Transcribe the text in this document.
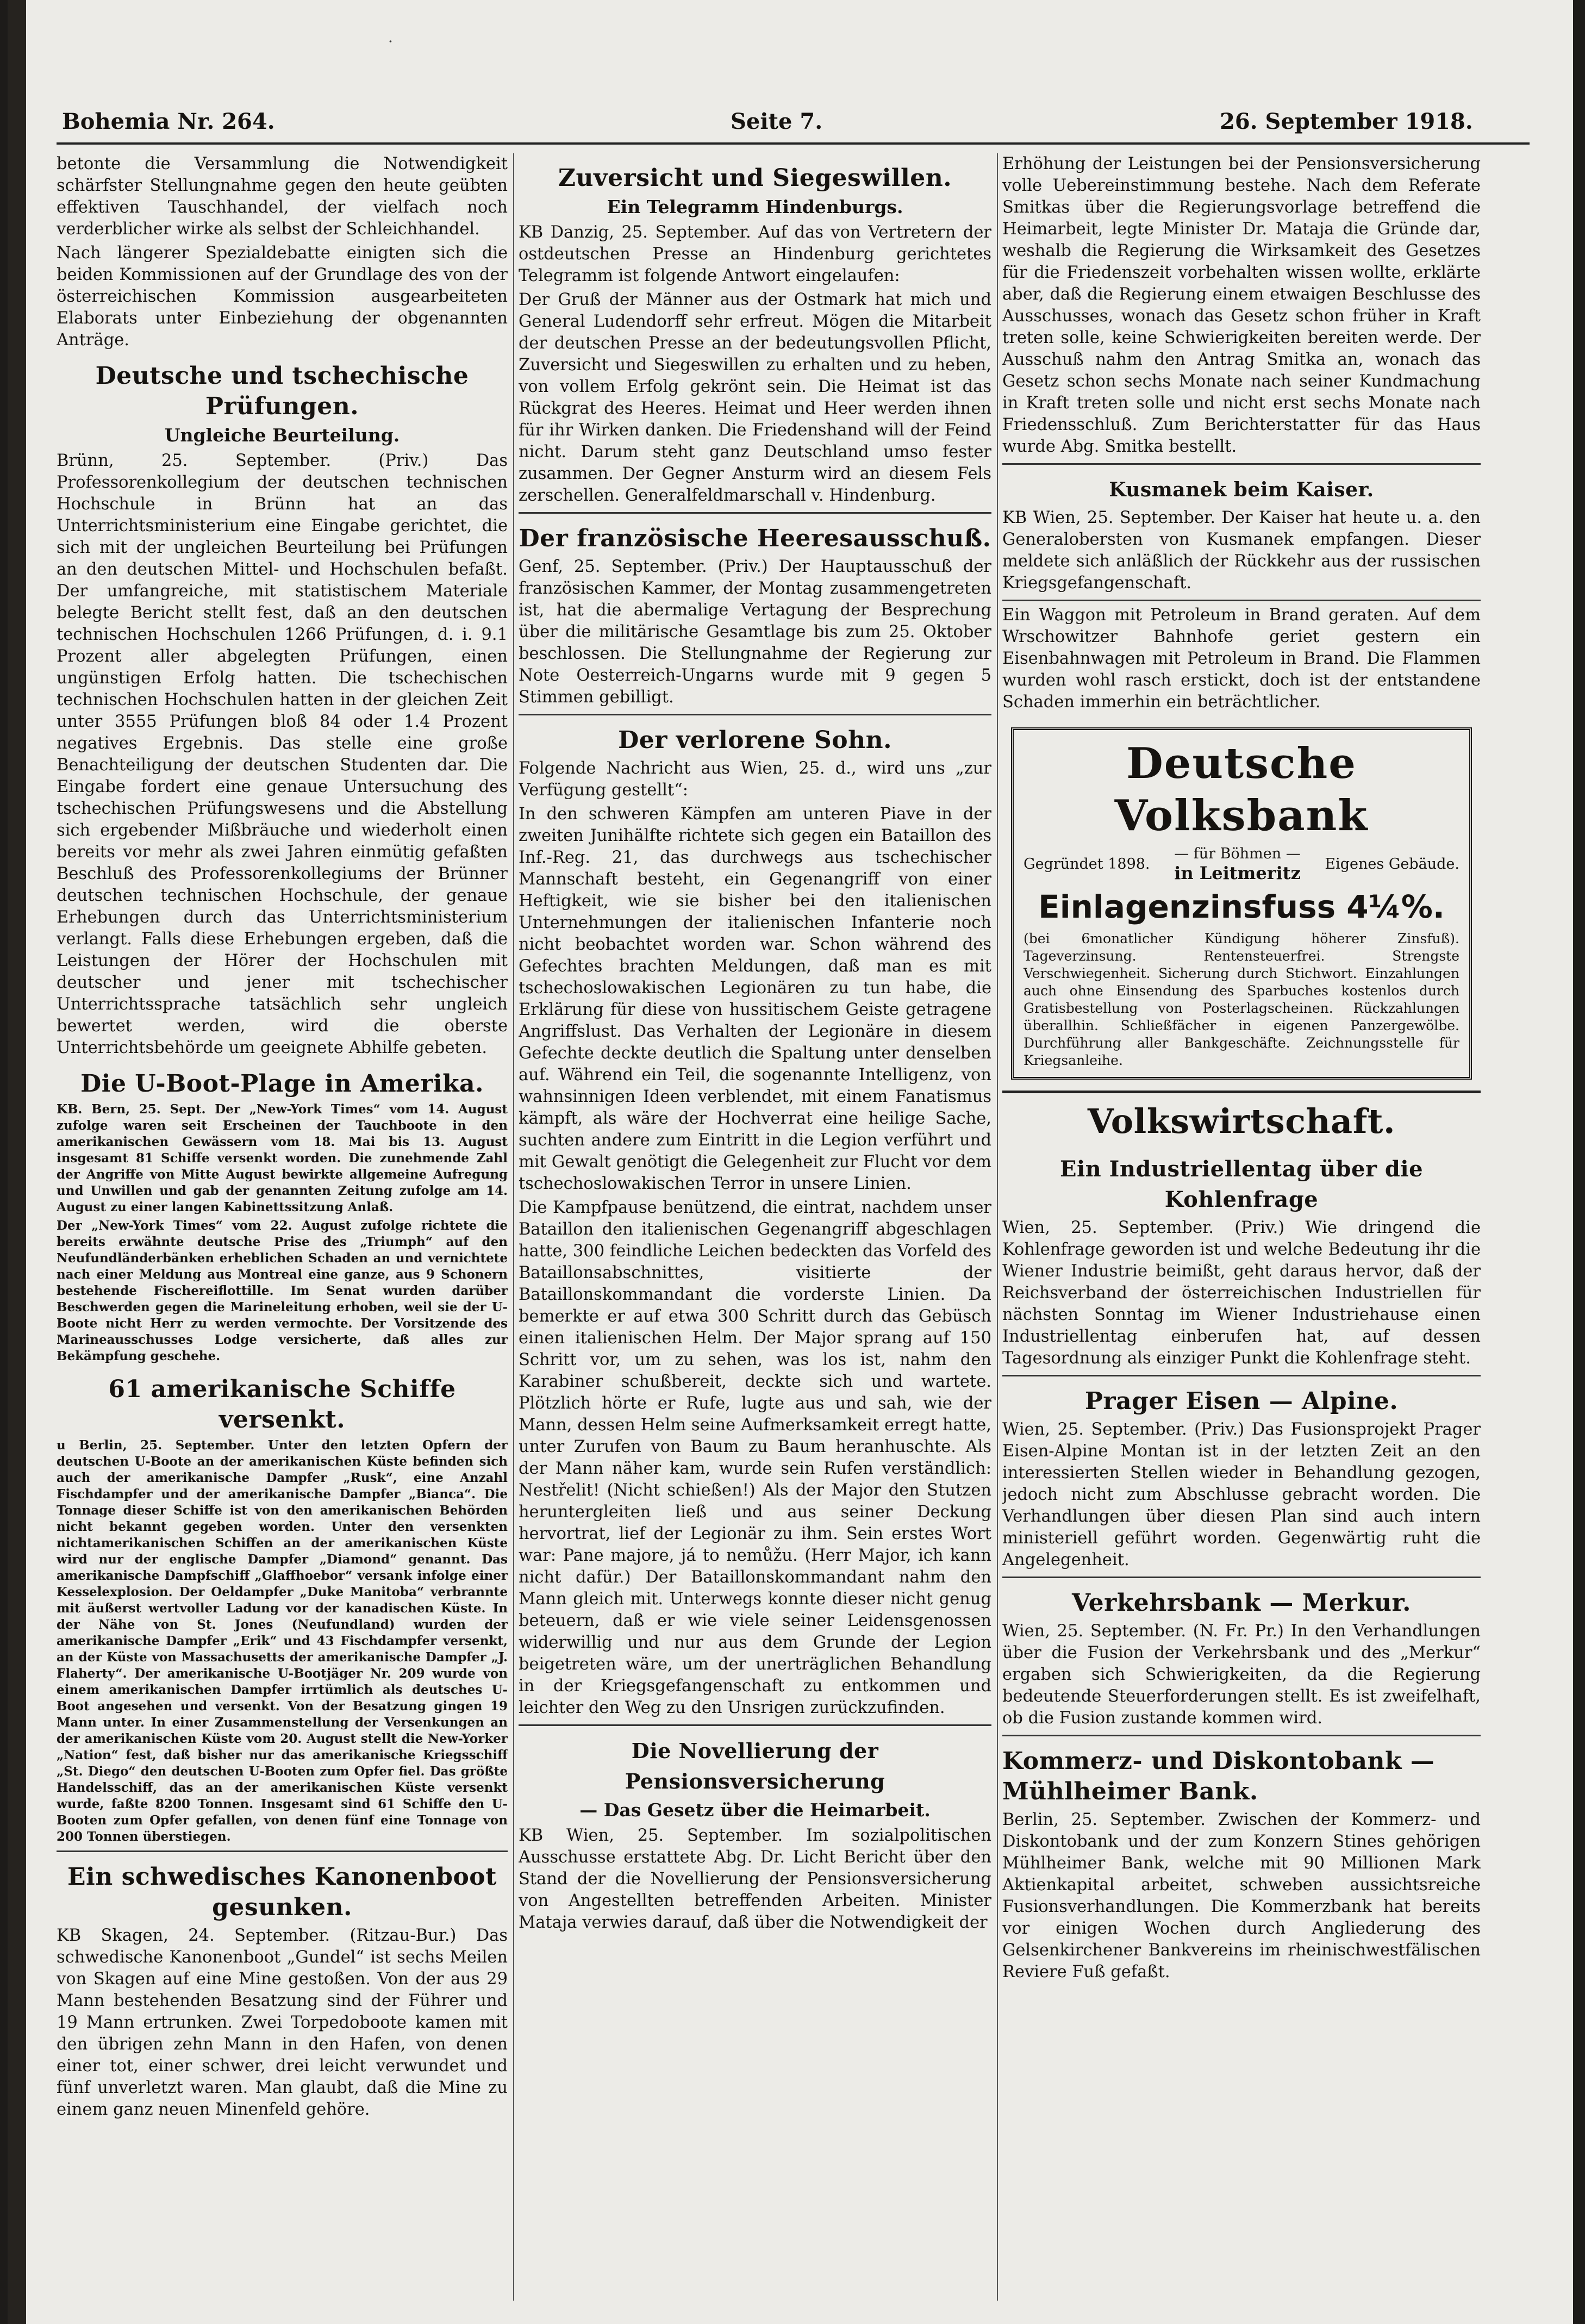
·
Bohemia Nr. 264.	Seite 7.	26. September 1918.

betonte die Versammlung die Notwendigkeit schärfster Stellungnahme gegen den heute geübten effektiven Tauschhandel, der vielfach noch verderblicher wirke als selbst der Schleichhandel.

Nach längerer Spezialdebatte einigten sich die beiden Kommissionen auf der Grundlage des von der österreichischen Kommission ausgearbeiteten Elaborats unter Einbeziehung der obgenannten Anträge.

Deutsche und tschechische Prüfungen.
Ungleiche Beurteilung.

Brünn, 25. September. (Priv.) Das Professorenkollegium der deutschen technischen Hochschule in Brünn hat an das Unterrichtsministerium eine Eingabe gerichtet, die sich mit der ungleichen Beurteilung bei Prüfungen an den deutschen Mittel- und Hochschulen befaßt. Der umfangreiche, mit statistischem Materiale belegte Bericht stellt fest, daß an den deutschen technischen Hochschulen 1266 Prüfungen, d. i. 9.1 Prozent aller abgelegten Prüfungen, einen ungünstigen Erfolg hatten. Die tschechischen technischen Hochschulen hatten in der gleichen Zeit unter 3555 Prüfungen bloß 84 oder 1.4 Prozent negatives Ergebnis. Das stelle eine große Benachteiligung der deutschen Studenten dar. Die Eingabe fordert eine genaue Untersuchung des tschechischen Prüfungswesens und die Abstellung sich ergebender Mißbräuche und wiederholt einen bereits vor mehr als zwei Jahren einmütig gefaßten Beschluß des Professorenkollegiums der Brünner deutschen technischen Hochschule, der genaue Erhebungen durch das Unterrichtsministerium verlangt. Falls diese Erhebungen ergeben, daß die Leistungen der Hörer der Hochschulen mit deutscher und jener mit tschechischer Unterrichtssprache tatsächlich sehr ungleich bewertet werden, wird die oberste Unterrichtsbehörde um geeignete Abhilfe gebeten.

Die U-Boot-Plage in Amerika.

KB. Bern, 25. Sept. Der „New-York Times“ vom 14. August zufolge waren seit Erscheinen der Tauchboote in den amerikanischen Gewässern vom 18. Mai bis 13. August insgesamt 81 Schiffe versenkt worden. Die zunehmende Zahl der Angriffe von Mitte August bewirkte allgemeine Aufregung und Unwillen und gab der genannten Zeitung zufolge am 14. August zu einer langen Kabinettssitzung Anlaß.

Der „New-York Times“ vom 22. August zufolge richtete die bereits erwähnte deutsche Prise des „Triumph“ auf den Neufundländerbänken erheblichen Schaden an und vernichtete nach einer Meldung aus Montreal eine ganze, aus 9 Schonern bestehende Fischereiflottille. Im Senat wurden darüber Beschwerden gegen die Marineleitung erhoben, weil sie der U-Boote nicht Herr zu werden vermochte. Der Vorsitzende des Marineausschusses Lodge versicherte, daß alles zur Bekämpfung geschehe.

61 amerikanische Schiffe versenkt.

u Berlin, 25. September. Unter den letzten Opfern der deutschen U-Boote an der amerikanischen Küste befinden sich auch der amerikanische Dampfer „Rusk“, eine Anzahl Fischdampfer und der amerikanische Dampfer „Bianca“. Die Tonnage dieser Schiffe ist von den amerikanischen Behörden nicht bekannt gegeben worden. Unter den versenkten nichtamerikanischen Schiffen an der amerikanischen Küste wird nur der englische Dampfer „Diamond“ genannt. Das amerikanische Dampfschiff „Glaffhoebor“ versank infolge einer Kesselexplosion. Der Oeldampfer „Duke Manitoba“ verbrannte mit äußerst wertvoller Ladung vor der kanadischen Küste. In der Nähe von St. Jones (Neufundland) wurden der amerikanische Dampfer „Erik“ und 43 Fischdampfer versenkt, an der Küste von Massachusetts der amerikanische Dampfer „J. Flaherty“. Der amerikanische U-Bootjäger Nr. 209 wurde von einem amerikanischen Dampfer irrtümlich als deutsches U-Boot angesehen und versenkt. Von der Besatzung gingen 19 Mann unter. In einer Zusammenstellung der Versenkungen an der amerikanischen Küste vom 20. August stellt die New-Yorker „Nation“ fest, daß bisher nur das amerikanische Kriegsschiff „St. Diego“ den deutschen U-Booten zum Opfer fiel. Das größte Handelsschiff, das an der amerikanischen Küste versenkt wurde, faßte 8200 Tonnen. Insgesamt sind 61 Schiffe den U-Booten zum Opfer gefallen, von denen fünf eine Tonnage von 200 Tonnen überstiegen.

Ein schwedisches Kanonenboot gesunken.

KB Skagen, 24. September. (Ritzau-Bur.) Das schwedische Kanonenboot „Gundel“ ist sechs Meilen von Skagen auf eine Mine gestoßen. Von der aus 29 Mann bestehenden Besatzung sind der Führer und 19 Mann ertrunken. Zwei Torpedoboote kamen mit den übrigen zehn Mann in den Hafen, von denen einer tot, einer schwer, drei leicht verwundet und fünf unverletzt waren. Man glaubt, daß die Mine zu einem ganz neuen Minenfeld gehöre.

Zuversicht und Siegeswillen.
Ein Telegramm Hindenburgs.

KB Danzig, 25. September. Auf das von Vertretern der ostdeutschen Presse an Hindenburg gerichtetes Telegramm ist folgende Antwort eingelaufen:

Der Gruß der Männer aus der Ostmark hat mich und General Ludendorff sehr erfreut. Mögen die Mitarbeit der deutschen Presse an der bedeutungsvollen Pflicht, Zuversicht und Siegeswillen zu erhalten und zu heben, von vollem Erfolg gekrönt sein. Die Heimat ist das Rückgrat des Heeres. Heimat und Heer werden ihnen für ihr Wirken danken. Die Friedenshand will der Feind nicht. Darum steht ganz Deutschland umso fester zusammen. Der Gegner Ansturm wird an diesem Fels zerschellen. Generalfeldmarschall v. Hindenburg.

Der französische Heeresausschuß.

Genf, 25. September. (Priv.) Der Hauptausschuß der französischen Kammer, der Montag zusammengetreten ist, hat die abermalige Vertagung der Besprechung über die militärische Gesamtlage bis zum 25. Oktober beschlossen. Die Stellungnahme der Regierung zur Note Oesterreich-Ungarns wurde mit 9 gegen 5 Stimmen gebilligt.

Der verlorene Sohn.

Folgende Nachricht aus Wien, 25. d., wird uns „zur Verfügung gestellt“:

In den schweren Kämpfen am unteren Piave in der zweiten Junihälfte richtete sich gegen ein Bataillon des Inf.-Reg. 21, das durchwegs aus tschechischer Mannschaft besteht, ein Gegenangriff von einer Heftigkeit, wie sie bisher bei den italienischen Unternehmungen der italienischen Infanterie noch nicht beobachtet worden war. Schon während des Gefechtes brachten Meldungen, daß man es mit tschechoslowakischen Legionären zu tun habe, die Erklärung für diese von hussitischem Geiste getragene Angriffslust. Das Verhalten der Legionäre in diesem Gefechte deckte deutlich die Spaltung unter denselben auf. Während ein Teil, die sogenannte Intelligenz, von wahnsinnigen Ideen verblendet, mit einem Fanatismus kämpft, als wäre der Hochverrat eine heilige Sache, suchten andere zum Eintritt in die Legion verführt und mit Gewalt genötigt die Gelegenheit zur Flucht vor dem tschechoslowakischen Terror in unsere Linien.

Die Kampfpause benützend, die eintrat, nachdem unser Bataillon den italienischen Gegenangriff abgeschlagen hatte, 300 feindliche Leichen bedeckten das Vorfeld des Bataillonsabschnittes, visitierte der Bataillonskommandant die vorderste Linien. Da bemerkte er auf etwa 300 Schritt durch das Gebüsch einen italienischen Helm. Der Major sprang auf 150 Schritt vor, um zu sehen, was los ist, nahm den Karabiner schußbereit, deckte sich und wartete. Plötzlich hörte er Rufe, lugte aus und sah, wie der Mann, dessen Helm seine Aufmerksamkeit erregt hatte, unter Zurufen von Baum zu Baum heranhuschte. Als der Mann näher kam, wurde sein Rufen verständlich: Nestřelit! (Nicht schießen!) Als der Major den Stutzen heruntergleiten ließ und aus seiner Deckung hervortrat, lief der Legionär zu ihm. Sein erstes Wort war: Pane majore, já to nemůžu. (Herr Major, ich kann nicht dafür.) Der Bataillonskommandant nahm den Mann gleich mit. Unterwegs konnte dieser nicht genug beteuern, daß er wie viele seiner Leidensgenossen widerwillig und nur aus dem Grunde der Legion beigetreten wäre, um der unerträglichen Behandlung in der Kriegsgefangenschaft zu entkommen und leichter den Weg zu den Unsrigen zurückzufinden.

Die Novellierung der Pensionsversicherung
— Das Gesetz über die Heimarbeit.

KB Wien, 25. September. Im sozialpolitischen Ausschusse erstattete Abg. Dr. Licht Bericht über den Stand der die Novellierung der Pensionsversicherung von Angestellten betreffenden Arbeiten. Minister Mataja verwies darauf, daß über die Notwendigkeit der

Erhöhung der Leistungen bei der Pensionsversicherung volle Uebereinstimmung bestehe. Nach dem Referate Smitkas über die Regierungsvorlage betreffend die Heimarbeit, legte Minister Dr. Mataja die Gründe dar, weshalb die Regierung die Wirksamkeit des Gesetzes für die Friedenszeit vorbehalten wissen wollte, erklärte aber, daß die Regierung einem etwaigen Beschlusse des Ausschusses, wonach das Gesetz schon früher in Kraft treten solle, keine Schwierigkeiten bereiten werde. Der Ausschuß nahm den Antrag Smitka an, wonach das Gesetz schon sechs Monate nach seiner Kundmachung in Kraft treten solle und nicht erst sechs Monate nach Friedensschluß. Zum Berichterstatter für das Haus wurde Abg. Smitka bestellt.

Kusmanek beim Kaiser.

KB Wien, 25. September. Der Kaiser hat heute u. a. den Generalobersten von Kusmanek empfangen. Dieser meldete sich anläßlich der Rückkehr aus der russischen Kriegsgefangenschaft.

Ein Waggon mit Petroleum in Brand geraten. Auf dem Wrschowitzer Bahnhofe geriet gestern ein Eisenbahnwagen mit Petroleum in Brand. Die Flammen wurden wohl rasch erstickt, doch ist der entstandene Schaden immerhin ein beträchtlicher.

Deutsche Volksbank
Gegründet 1898.
— für Böhmen —
in Leitmeritz Eigenes Gebäude.
Einlagenzinsfuss 4¼%.
(bei 6monatlicher Kündigung höherer Zinsfuß). Tageverzinsung. Rentensteuerfrei. Strengste Verschwiegenheit. Sicherung durch Stichwort. Einzahlungen auch ohne Einsendung des Sparbuches kostenlos durch Gratisbestellung von Posterlagscheinen. Rückzahlungen überallhin. Schließfächer in eigenen Panzergewölbe. Durchführung aller Bankgeschäfte. Zeichnungsstelle für Kriegsanleihe.
Volkswirtschaft.
Ein Industriellentag über die Kohlenfrage

Wien, 25. September. (Priv.) Wie dringend die Kohlenfrage geworden ist und welche Bedeutung ihr die Wiener Industrie beimißt, geht daraus hervor, daß der Reichsverband der österreichischen Industriellen für nächsten Sonntag im Wiener Industriehause einen Industriellentag einberufen hat, auf dessen Tagesordnung als einziger Punkt die Kohlenfrage steht.

Prager Eisen — Alpine.

Wien, 25. September. (Priv.) Das Fusionsprojekt Prager Eisen-Alpine Montan ist in der letzten Zeit an den interessierten Stellen wieder in Behandlung gezogen, jedoch nicht zum Abschlusse gebracht worden. Die Verhandlungen über diesen Plan sind auch intern ministeriell geführt worden. Gegenwärtig ruht die Angelegenheit.

Verkehrsbank — Merkur.

Wien, 25. September. (N. Fr. Pr.) In den Verhandlungen über die Fusion der Verkehrsbank und des „Merkur“ ergaben sich Schwierigkeiten, da die Regierung bedeutende Steuerforderungen stellt. Es ist zweifelhaft, ob die Fusion zustande kommen wird.

Kommerz- und Diskontobank — Mühlheimer Bank.

Berlin, 25. September. Zwischen der Kommerz- und Diskontobank und der zum Konzern Stines gehörigen Mühlheimer Bank, welche mit 90 Millionen Mark Aktienkapital arbeitet, schweben aussichtsreiche Fusionsverhandlungen. Die Kommerzbank hat bereits vor einigen Wochen durch Angliederung des Gelsenkirchener Bankvereins im rheinischwestfälischen Reviere Fuß gefaßt.
